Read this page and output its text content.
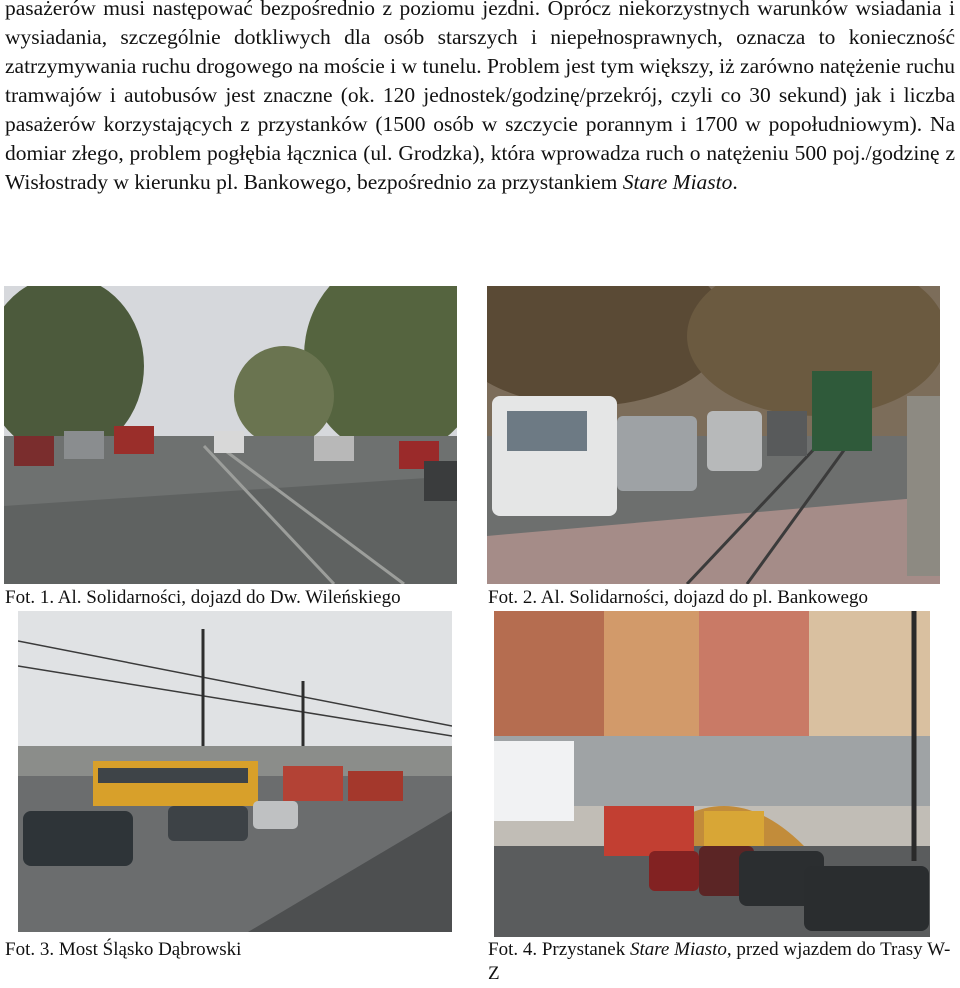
pasażerów musi następować bezpośrednio z poziomu jezdni. Oprócz niekorzystnych warunków wsiadania i wysiadania, szczególnie dotkliwych dla osób starszych i niepełnosprawnych, oznacza to konieczność zatrzymywania ruchu drogowego na moście i w tunelu. Problem jest tym większy, iż zarówno natężenie ruchu tramwajów i autobusów jest znaczne (ok. 120 jednostek/godzinę/przekrój, czyli co 30 sekund) jak i liczba pasażerów korzystających z przystanków (1500 osób w szczycie porannym i 1700 w popołudniowym). Na domiar złego, problem pogłębia łącznica (ul. Grodzka), która wprowadza ruch o natężeniu 500 poj./godzinę z Wisłostrady w kierunku pl. Bankowego, bezpośrednio za przystankiem Stare Miasto.

Fot. 1. Al. Solidarności, dojazd do Dw. Wileńskiego	Fot. 2. Al. Solidarności, dojazd do pl. Bankowego

Fot. 3. Most Śląsko Dąbrowski	Fot. 4. Przystanek Stare Miasto, przed wjazdem do Trasy W-Z
